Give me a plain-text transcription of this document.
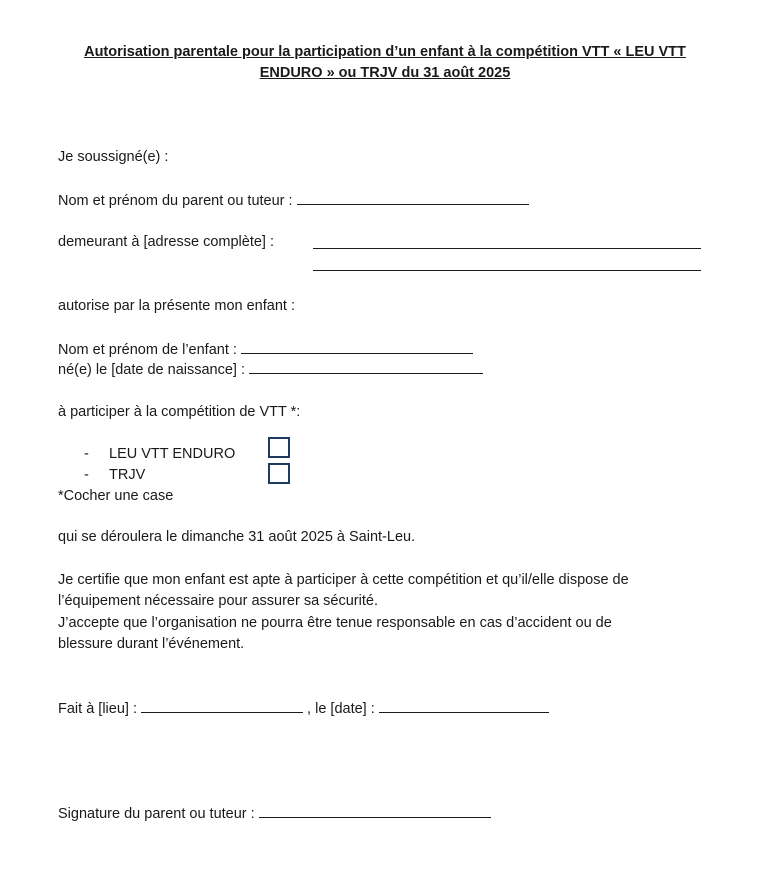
Autorisation parentale pour la participation d’un enfant à la compétition VTT « LEU VTT
ENDURO » ou TRJV du 31 août 2025
Je soussigné(e) :
Nom et prénom du parent ou tuteur :
demeurant à [adresse complète] :
autorise par la présente mon enfant :
Nom et prénom de l’enfant :
né(e) le [date de naissance] :
à participer à la compétition de VTT *:
- LEU VTT ENDURO
- TRJV
*Cocher une case
qui se déroulera le dimanche 31 août 2025 à Saint-Leu.
Je certifie que mon enfant est apte à participer à cette compétition et qu’il/elle dispose de
l’équipement nécessaire pour assurer sa sécurité.
J’accepte que l’organisation ne pourra être tenue responsable en cas d’accident ou de
blessure durant l’événement.
Fait à [lieu] :	, le [date] :
Signature du parent ou tuteur :
